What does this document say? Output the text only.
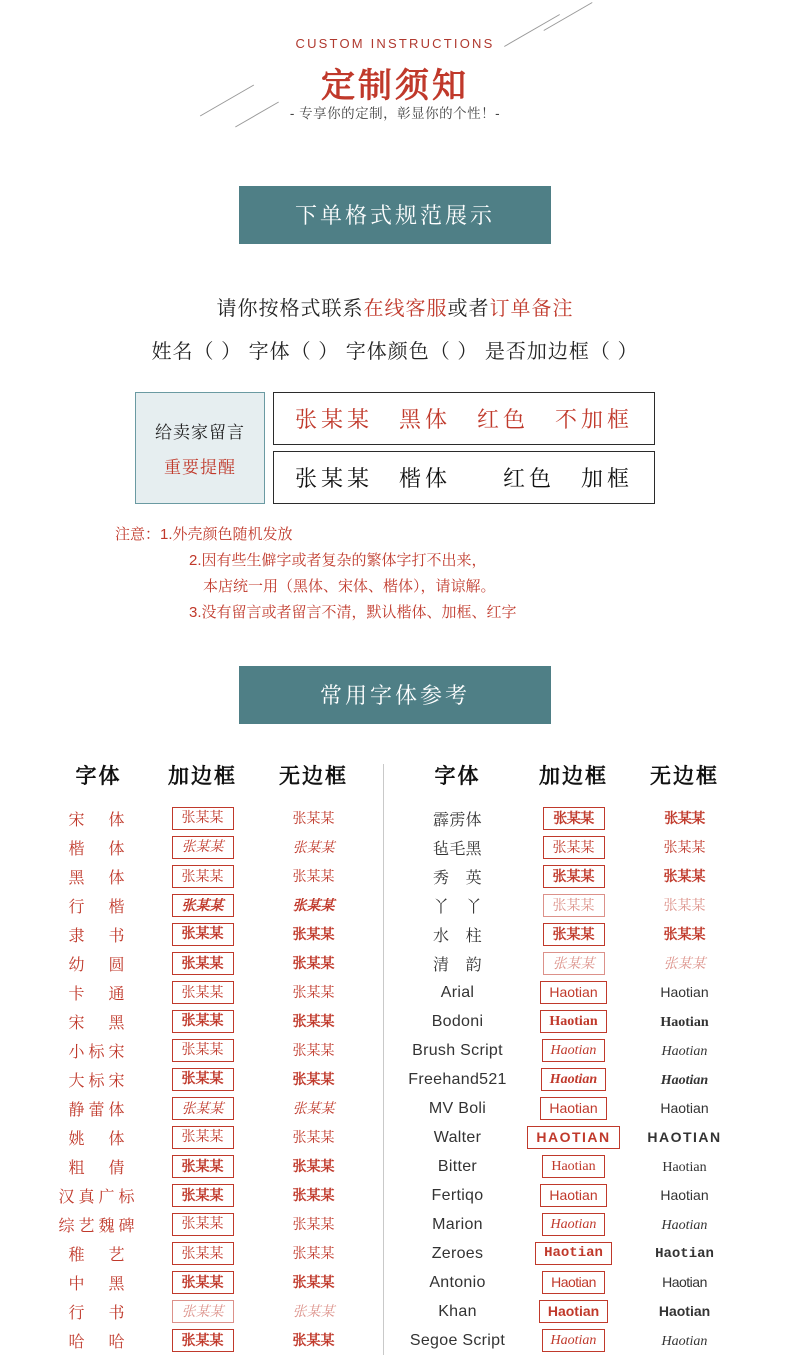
CUSTOM INSTRUCTIONS
定制须知
- 专享你的定制，彰显你的个性！-
下单格式规范展示
请你按格式联系在线客服或者订单备注
姓名（ ） 字体（ ） 字体颜色（ ） 是否加边框（ ）
给卖家留言
重要提醒
张某某　黑体　红色　不加框
张某某　楷体　　红色　加框
注意：1.外壳颜色随机发放
2.因有些生僻字或者复杂的繁体字打不出来，
本店统一用（黑体、宋体、楷体），请谅解。
3.没有留言或者留言不清，默认楷体、加框、红字
常用字体参考
字体	加边框	无边框
宋　体	张某某	张某某
楷　体	张某某	张某某
黑　体	张某某	张某某
行　楷	张某某	张某某
隶　书	张某某	张某某
幼　圆	张某某	张某某
卡　通	张某某	张某某
宋　黑	张某某	张某某
小标宋	张某某	张某某
大标宋	张某某	张某某
静蕾体	张某某	张某某
姚　体	张某某	张某某
粗　倩	张某某	张某某
汉真广标	张某某	张某某
综艺魏碑	张某某	张某某
稚　艺	张某某	张某某
中　黑	张某某	张某某
行　书	张某某	张某某
哈　哈	张某某	张某某
字体	加边框	无边框
霹雳体	张某某	张某某
毡毛黑	张某某	张某某
秀　英	张某某	张某某
丫　丫	张某某	张某某
水　柱	张某某	张某某
清　韵	张某某	张某某
Arial	Haotian	Haotian
Bodoni	Haotian	Haotian
Brush Script	Haotian	Haotian
Freehand521	Haotian	Haotian
MV Boli	Haotian	Haotian
Walter	HAOTIAN	HAOTIAN
Bitter	Haotian	Haotian
Fertiqo	Haotian	Haotian
Marion	Haotian	Haotian
Zeroes	Haotian	Haotian
Antonio	Haotian	Haotian
Khan	Haotian	Haotian
Segoe Script	Haotian	Haotian
